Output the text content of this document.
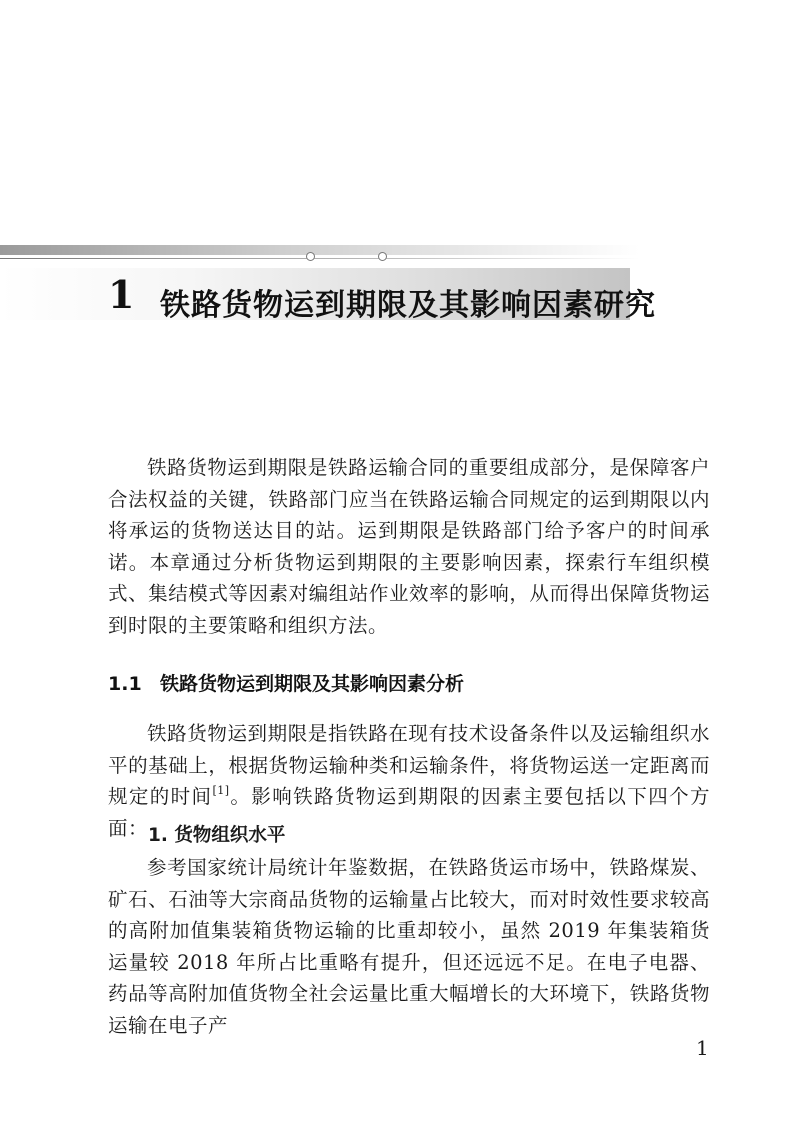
1 铁路货物运到期限及其影响因素研究

铁路货物运到期限是铁路运输合同的重要组成部分，是保障客户合法权益的关键，铁路部门应当在铁路运输合同规定的运到期限以内将承运的货物送达目的站。运到期限是铁路部门给予客户的时间承诺。本章通过分析货物运到期限的主要影响因素，探索行车组织模式、集结模式等因素对编组站作业效率的影响，从而得出保障货物运到时限的主要策略和组织方法。

1.1 铁路货物运到期限及其影响因素分析

铁路货物运到期限是指铁路在现有技术设备条件以及运输组织水平的基础上，根据货物运输种类和运输条件，将货物运送一定距离而规定的时间[1]。影响铁路货物运到期限的因素主要包括以下四个方面： 1. 货物组织水平

参考国家统计局统计年鉴数据，在铁路货运市场中，铁路煤炭、矿石、石油等大宗商品货物的运输量占比较大，而对时效性要求较高的高附加值集装箱货物运输的比重却较小，虽然 2019 年集装箱货运量较 2018 年所占比重略有提升，但还远远不足。在电子电器、药品等高附加值货物全社会运量比重大幅增长的大环境下，铁路货物运输在电子产

1
